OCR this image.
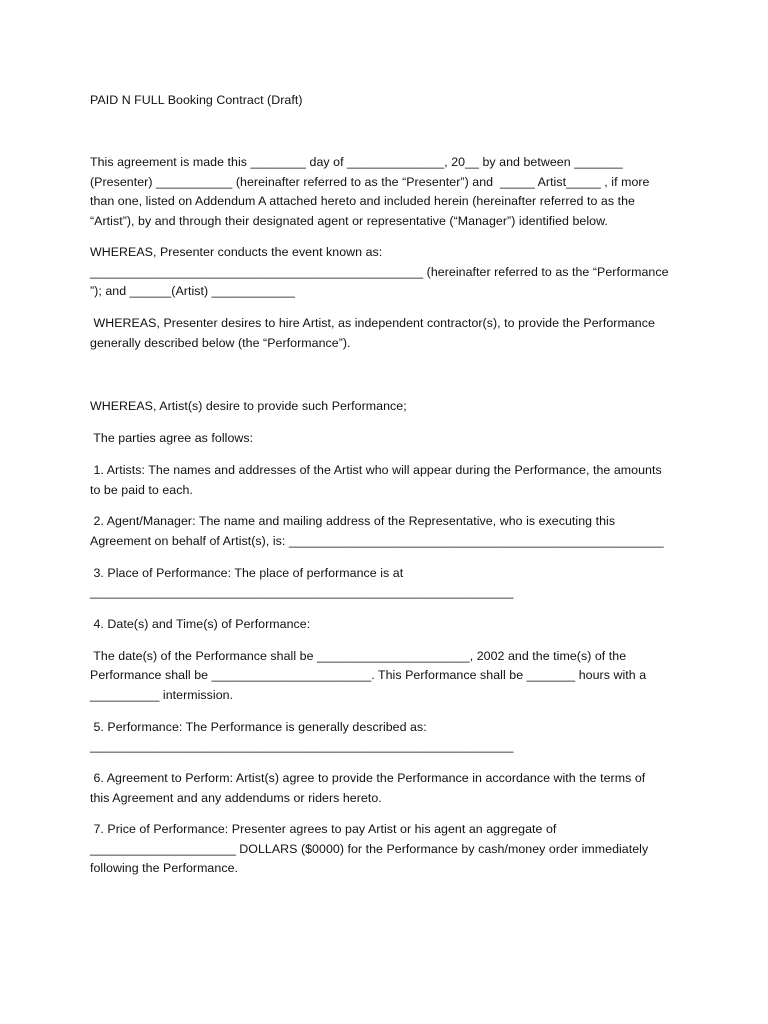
PAID N FULL Booking Contract (Draft)
This agreement is made this ________ day of ______________, 20__ by and between _______
(Presenter) ___________ (hereinafter referred to as the “Presenter”) and  _____ Artist_____ , if more
than one, listed on Addendum A attached hereto and included herein (hereinafter referred to as the
“Artist”), by and through their designated agent or representative (“Manager”) identified below.
WHEREAS, Presenter conducts the event known as:
________________________________________________ (hereinafter referred to as the “Performance
”); and ______(Artist) ____________
WHEREAS, Presenter desires to hire Artist, as independent contractor(s), to provide the Performance
generally described below (the “Performance”).
WHEREAS, Artist(s) desire to provide such Performance;
The parties agree as follows:
1. Artists: The names and addresses of the Artist who will appear during the Performance, the amounts
to be paid to each.
2. Agent/Manager: The name and mailing address of the Representative, who is executing this
Agreement on behalf of Artist(s), is: ______________________________________________________
3. Place of Performance: The place of performance is at
_____________________________________________________________
4. Date(s) and Time(s) of Performance:
The date(s) of the Performance shall be ______________________, 2002 and the time(s) of the
Performance shall be _______________________. This Performance shall be _______ hours with a
__________ intermission.
5. Performance: The Performance is generally described as:
_____________________________________________________________
6. Agreement to Perform: Artist(s) agree to provide the Performance in accordance with the terms of
this Agreement and any addendums or riders hereto.
7. Price of Performance: Presenter agrees to pay Artist or his agent an aggregate of
_____________________ DOLLARS ($0000) for the Performance by cash/money order immediately
following the Performance.
